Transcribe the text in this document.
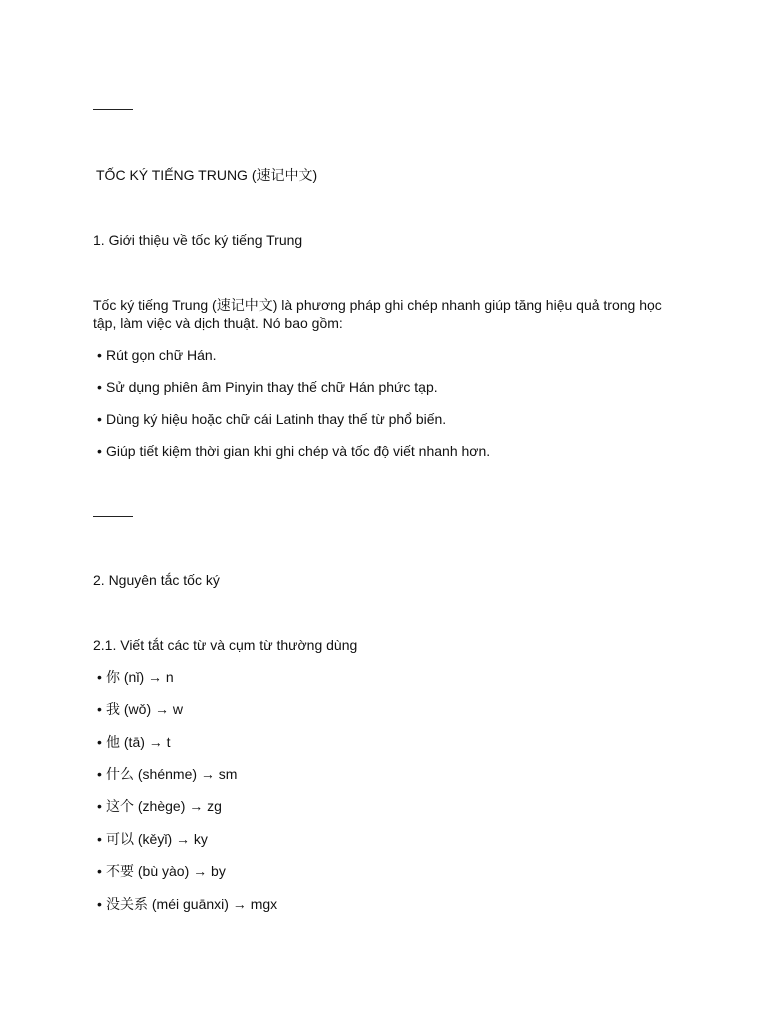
TỐC KÝ TIẾNG TRUNG (速记中文)
1. Giới thiệu về tốc ký tiếng Trung
Tốc ký tiếng Trung (速记中文) là phương pháp ghi chép nhanh giúp tăng hiệu quả trong học tập, làm việc và dịch thuật. Nó bao gồm:
• Rút gọn chữ Hán.
• Sử dụng phiên âm Pinyin thay thế chữ Hán phức tạp.
• Dùng ký hiệu hoặc chữ cái Latinh thay thế từ phổ biến.
• Giúp tiết kiệm thời gian khi ghi chép và tốc độ viết nhanh hơn.
2. Nguyên tắc tốc ký
2.1. Viết tắt các từ và cụm từ thường dùng
• 你 (nǐ) → n
• 我 (wǒ) → w
• 他 (tā) → t
• 什么 (shénme) → sm
• 这个 (zhège) → zg
• 可以 (kěyǐ) → ky
• 不要 (bù yào) → by
• 没关系 (méi guānxi) → mgx
